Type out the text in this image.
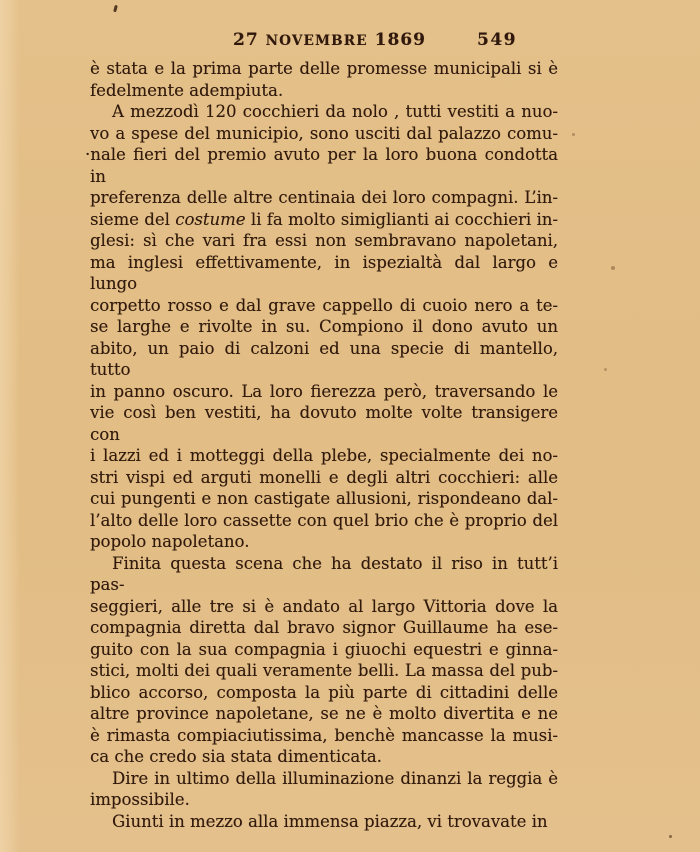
27 NOVEMBRE 1869	549
è stata e la prima parte delle promesse municipali si è
fedelmente adempiuta.
A mezzodì 120 cocchieri da nolo , tutti vestiti a nuo-
vo a spese del municipio, sono usciti dal palazzo comu-
·nale fieri del premio avuto per la loro buona condotta in
preferenza delle altre centinaia dei loro compagni. L’in-
sieme del costume li fa molto simiglianti ai cocchieri in-
glesi: sì che vari fra essi non sembravano napoletani,
ma inglesi effettivamente, in ispezialtà dal largo e lungo
corpetto rosso e dal grave cappello di cuoio nero a te-
se larghe e rivolte in su. Compiono il dono avuto un
abito, un paio di calzoni ed una specie di mantello, tutto
in panno oscuro. La loro fierezza però, traversando le
vie così ben vestiti, ha dovuto molte volte transigere con
i lazzi ed i motteggi della plebe, specialmente dei no-
stri vispi ed arguti monelli e degli altri cocchieri: alle
cui pungenti e non castigate allusioni, rispondeano dal-
l’alto delle loro cassette con quel brio che è proprio del
popolo napoletano.
Finita questa scena che ha destato il riso in tutt’i pas-
seggieri, alle tre si è andato al largo Vittoria dove la
compagnia diretta dal bravo signor Guillaume ha ese-
guito con la sua compagnia i giuochi equestri e ginna-
stici, molti dei quali veramente belli. La massa del pub-
blico accorso, composta la più parte di cittadini delle
altre province napoletane, se ne è molto divertita e ne
è rimasta compiaciutissima, benchè mancasse la musi-
ca che credo sia stata dimenticata.
Dire in ultimo della illuminazione dinanzi la reggia è
impossibile.
Giunti in mezzo alla immensa piazza, vi trovavate in
